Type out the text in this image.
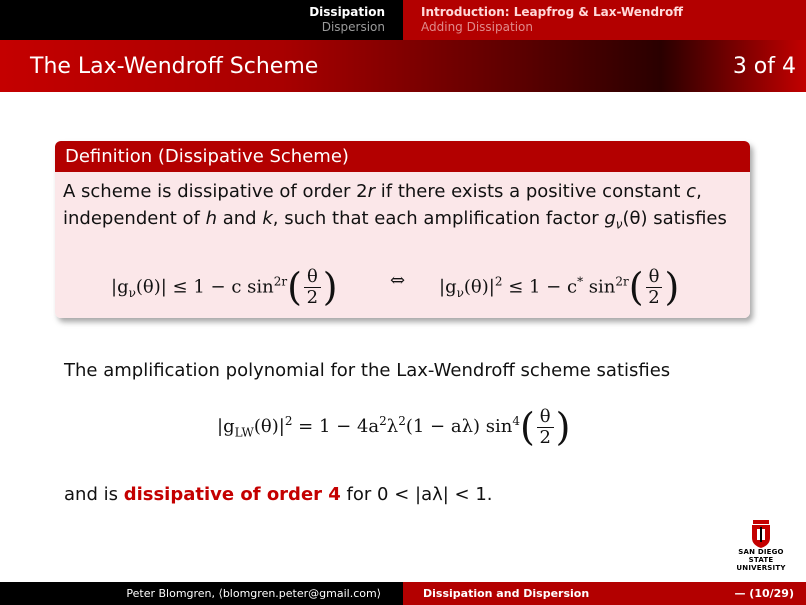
Dissipation
Dispersion
Introduction: Leapfrog & Lax-Wendroff
Adding Dissipation
The Lax-Wendroff Scheme	3 of 4
Definition (Dissipative Scheme)
A scheme is dissipative of order 2r if there exists a positive constant c,
independent of h and k, such that each amplification factor $g_\nu(\theta)$ satisfies
$|g_\nu(\theta)| \le 1 - c$ $\sin^{2r}( \frac{\theta}{2}$ )	⇔ $|g_\nu(\theta)|^2 \le 1 - c^*$ $\sin^{2r}( \frac{\theta}{2}$ )
The amplification polynomial for the Lax-Wendroff scheme satisfies
$|g_{LW}(\theta)|^2 = 1 - 4a^2\lambda^2(1 - a\lambda)$ $\sin^4( \frac{\theta}{2}$ )
and is dissipative of order 4 for 0 < |aλ| < 1.
SAN DIEGO STATE
UNIVERSITY
Peter Blomgren, ⟨blomgren.peter@gmail.com⟩	Dissipation and Dispersion	— (10/29)
